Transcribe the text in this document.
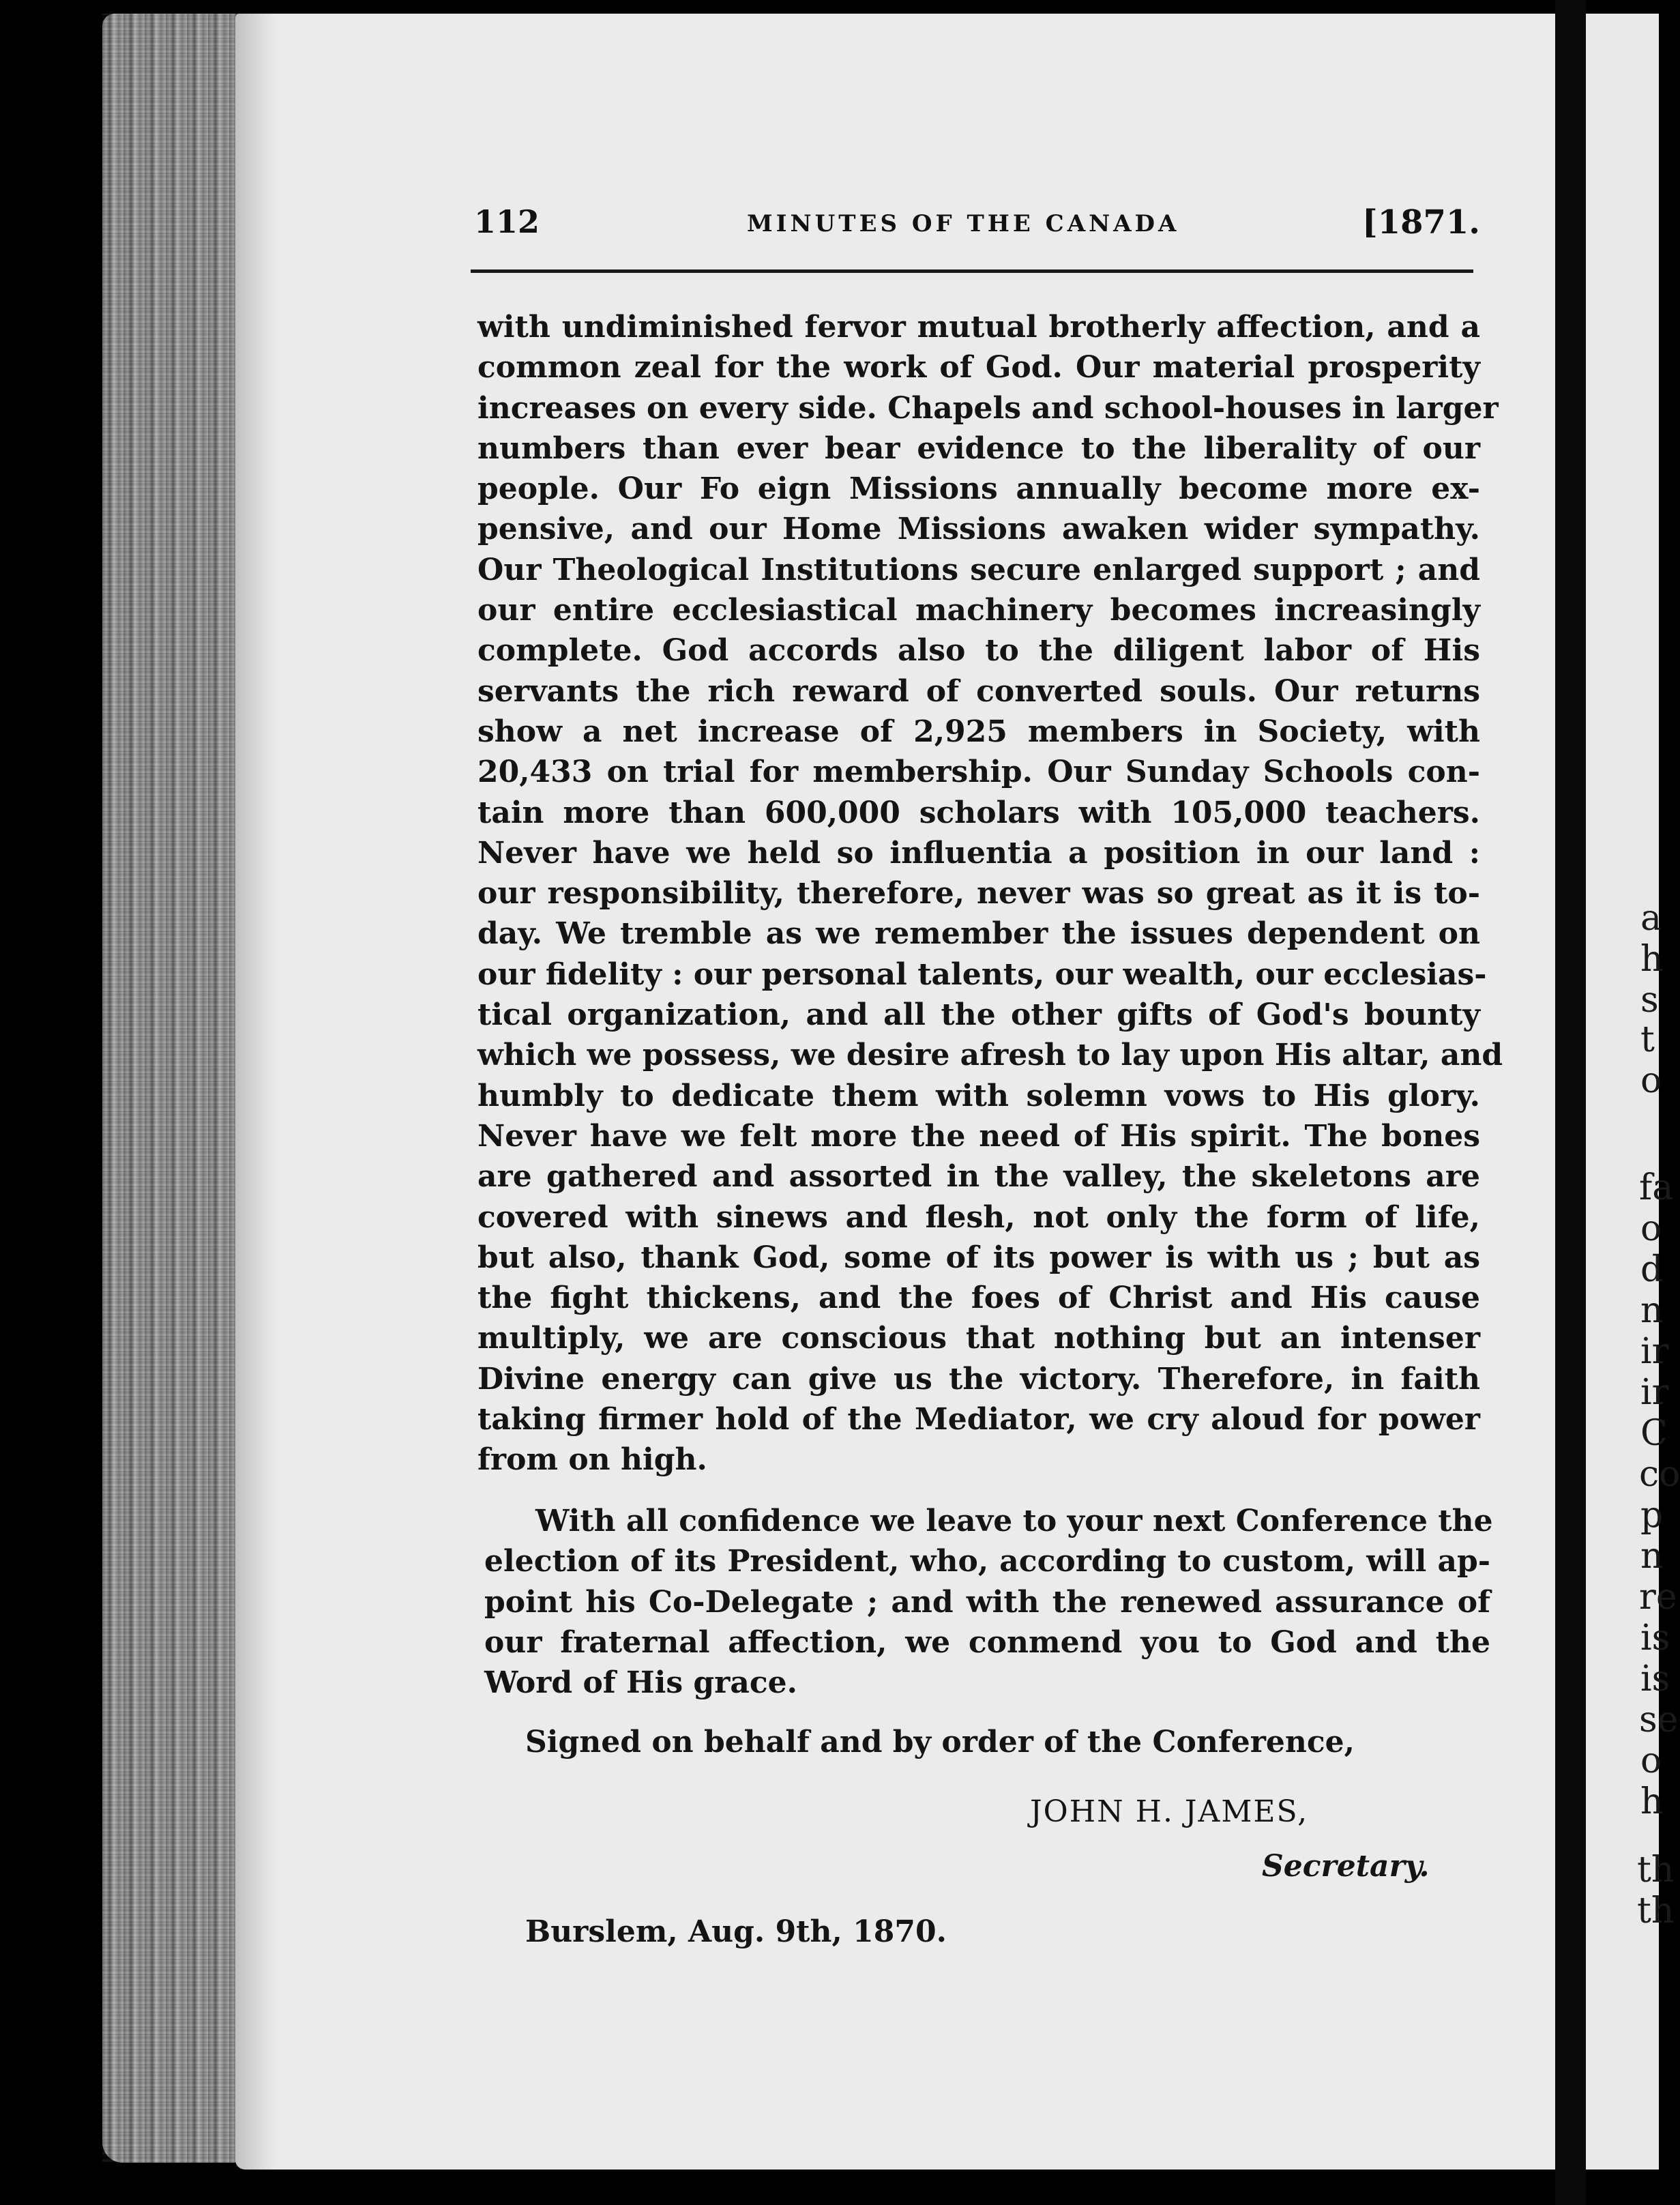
a
h
s
t
o
fa
o
d
n
ir
ir
C
co
p
n
re
is
is
se
o
h
th
th
112	MINUTES OF THE CANADA	[1871.
with undiminished fervor mutual brotherly affection, and a
common zeal for the work of God. Our material prosperity
increases on every side. Chapels and school-houses in larger
numbers than ever bear evidence to the liberality of our
people. Our Fo eign Missions annually become more ex-
pensive, and our Home Missions awaken wider sympathy.
Our Theological Institutions secure enlarged support ; and
our entire ecclesiastical machinery becomes increasingly
complete. God accords also to the diligent labor of His
servants the rich reward of converted souls. Our returns
show a net increase of 2,925 members in Society, with
20,433 on trial for membership. Our Sunday Schools con-
tain more than 600,000 scholars with 105,000 teachers.
Never have we held so influentia a position in our land :
our responsibility, therefore, never was so great as it is to-
day. We tremble as we remember the issues dependent on
our fidelity : our personal talents, our wealth, our ecclesias-
tical organization, and all the other gifts of God's bounty
which we possess, we desire afresh to lay upon His altar, and
humbly to dedicate them with solemn vows to His glory.
Never have we felt more the need of His spirit. The bones
are gathered and assorted in the valley, the skeletons are
covered with sinews and flesh, not only the form of life,
but also, thank God, some of its power is with us ; but as
the fight thickens, and the foes of Christ and His cause
multiply, we are conscious that nothing but an intenser
Divine energy can give us the victory. Therefore, in faith
taking firmer hold of the Mediator, we cry aloud for power
from on high.
With all confidence we leave to your next Conference the
election of its President, who, according to custom, will ap-
point his Co-Delegate ; and with the renewed assurance of
our fraternal affection, we conmend you to God and the
Word of His grace.
Signed on behalf and by order of the Conference,
JOHN H. JAMES,
Secretary.
Burslem, Aug. 9th, 1870.
